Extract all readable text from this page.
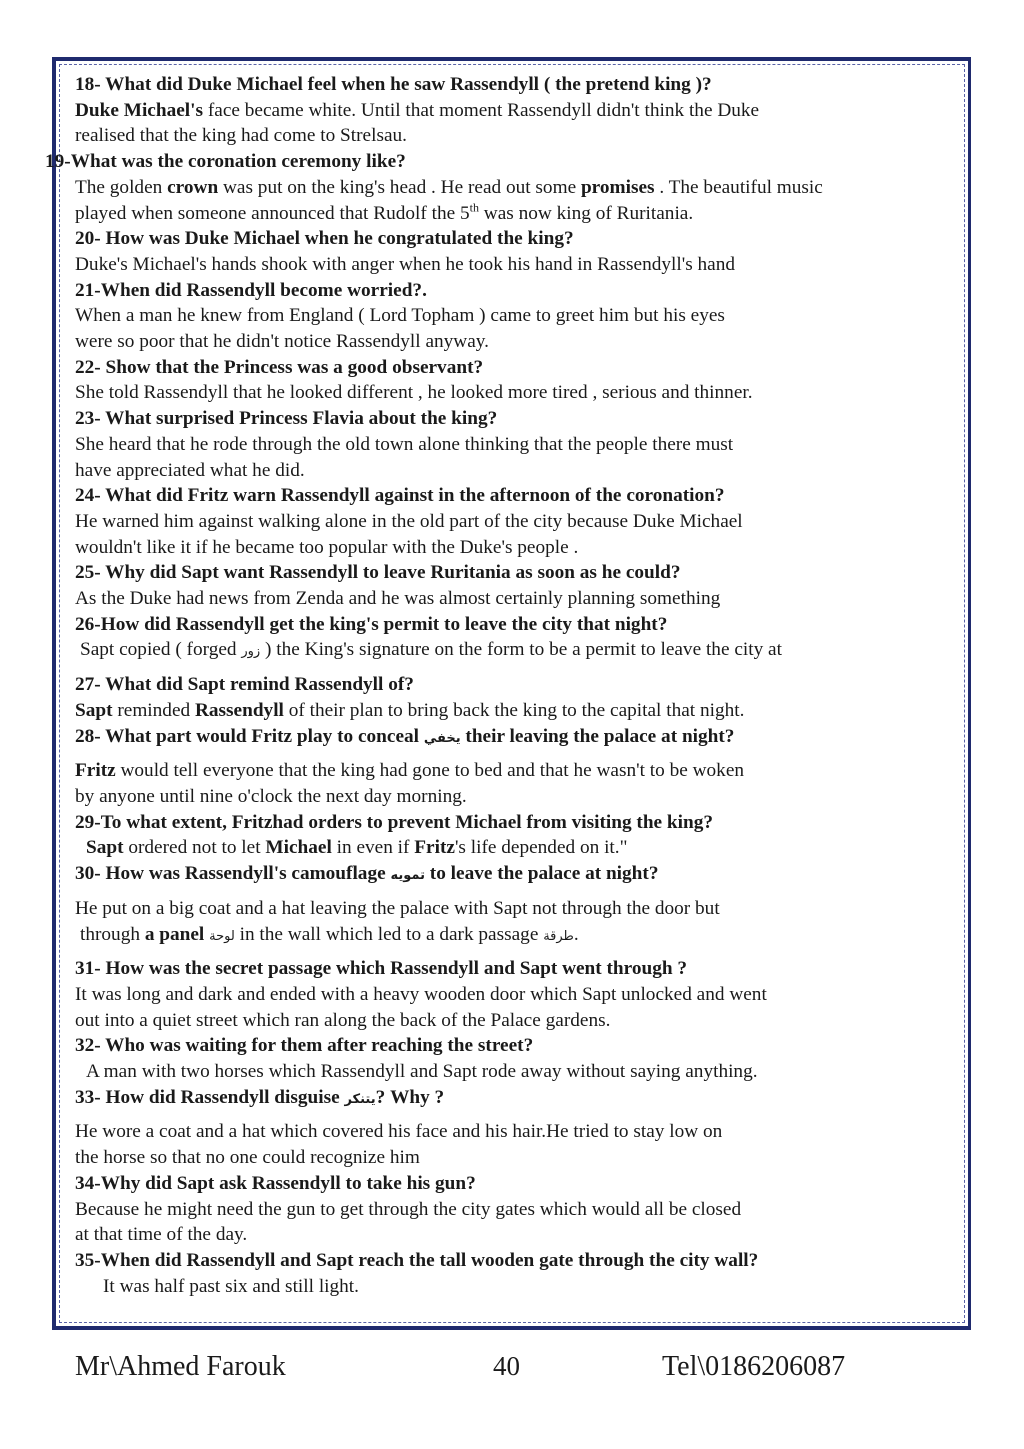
18- What did Duke Michael feel when he saw Rassendyll ( the pretend king )?
Duke Michael's face became white. Until that moment Rassendyll didn't think the Duke
realised that the king had come to Strelsau.
19-What was the coronation ceremony like?
The golden crown was put on the king's head . He read out some promises . The beautiful music
played when someone announced that Rudolf the 5th was now king of Ruritania.
20- How was Duke Michael when he congratulated the king?
Duke's Michael's hands shook with anger when he took his hand in Rassendyll's hand
21-When did Rassendyll become worried?.
When a man he knew from England ( Lord Topham ) came to greet him but his eyes
were so poor that he didn't notice Rassendyll anyway.
22- Show that the Princess was a good observant?
She told Rassendyll that he looked different , he looked more tired , serious and thinner.
23- What surprised Princess Flavia about the king?
She heard that he rode through the old town alone thinking that the people there must
have appreciated what he did.
24- What did Fritz warn Rassendyll against in the afternoon of the coronation?
He warned him against walking alone in the old part of the city because Duke Michael
wouldn't like it if he became too popular with the Duke's people .
25- Why did Sapt want Rassendyll to leave Ruritania as soon as he could?
As the Duke had news from Zenda and he was almost certainly planning something
26-How did Rassendyll get the king's permit to leave the city that night?
Sapt copied ( forged زور ) the King's signature on the form to be a permit to leave the city at
27- What did Sapt remind Rassendyll of?
Sapt reminded Rassendyll of their plan to bring back the king to the capital that night.
28- What part would Fritz play to conceal يخفي their leaving the palace at night?
Fritz would tell everyone that the king had gone to bed and that he wasn't to be woken
by anyone until nine o'clock the next day morning.
29-To what extent, Fritzhad orders to prevent Michael from visiting the king?
Sapt ordered not to let Michael in even if Fritz's life depended on it."
30- How was Rassendyll's camouflage تمويه to leave the palace at night?
He put on a big coat and a hat leaving the palace with Sapt not through the door but
through a panel لوحة in the wall which led to a dark passage طرقة.
31- How was the secret passage which Rassendyll and Sapt went through ?
It was long and dark and ended with a heavy wooden door which Sapt unlocked and went
out into a quiet street which ran along the back of the Palace gardens.
32- Who was waiting for them after reaching the street?
A man with two horses which Rassendyll and Sapt rode away without saying anything.
33- How did Rassendyll disguise يتنكر? Why ?
He wore a coat and a hat which covered his face and his hair.He tried to stay low on
the horse so that no one could recognize him
34-Why did Sapt ask Rassendyll to take his gun?
Because he might need the gun to get through the city gates which would all be closed
at that time of the day.
35-When did Rassendyll and Sapt reach the tall wooden gate through the city wall?
It was half past six and still light.
Mr\Ahmed Farouk	40	Tel\0186206087
